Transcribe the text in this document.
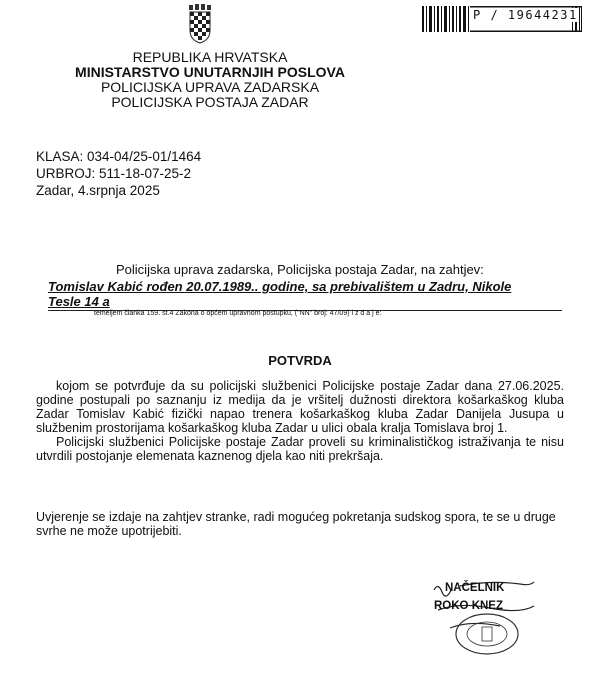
P / 19644231
REPUBLIKA HRVATSKA
MINISTARSTVO UNUTARNJIH POSLOVA
POLICIJSKA UPRAVA ZADARSKA
POLICIJSKA POSTAJA ZADAR
KLASA: 034-04/25-01/1464
URBROJ: 511-18-07-25-2
Zadar, 4.srpnja 2025
Policijska uprava zadarska, Policijska postaja Zadar, na zahtjev:
Tomislav Kabić rođen 20.07.1989.. godine, sa prebivalištem u Zadru, Nikole
Tesle 14 a
temeljem članka 159. st.4 Zakona o općem upravnom postupku, ("NN" broj: 47/09) i z d a j e:
POTVRDA

kojom se potvrđuje da su policijski službenici Policijske postaje Zadar dana 27.06.2025. godine postupali po saznanju iz medija da je vršitelj dužnosti direktora košarkaškog kluba Zadar Tomislav Kabić fizički napao trenera košarkaškog kluba Zadar Danijela Jusupa u službenim prostorijama košarkaškog kluba Zadar u ulici obala kralja Tomislava broj 1.

Policijski službenici Policijske postaje Zadar proveli su kriminalističkog istraživanja te nisu utvrdili postojanje elemenata kaznenog djela kao niti prekršaja.

Uvjerenje se izdaje na zahtjev stranke, radi mogućeg pokretanja sudskog spora, te se u druge svrhe ne može upotrijebiti.
NAČELNIK
ROKO KNEZ
